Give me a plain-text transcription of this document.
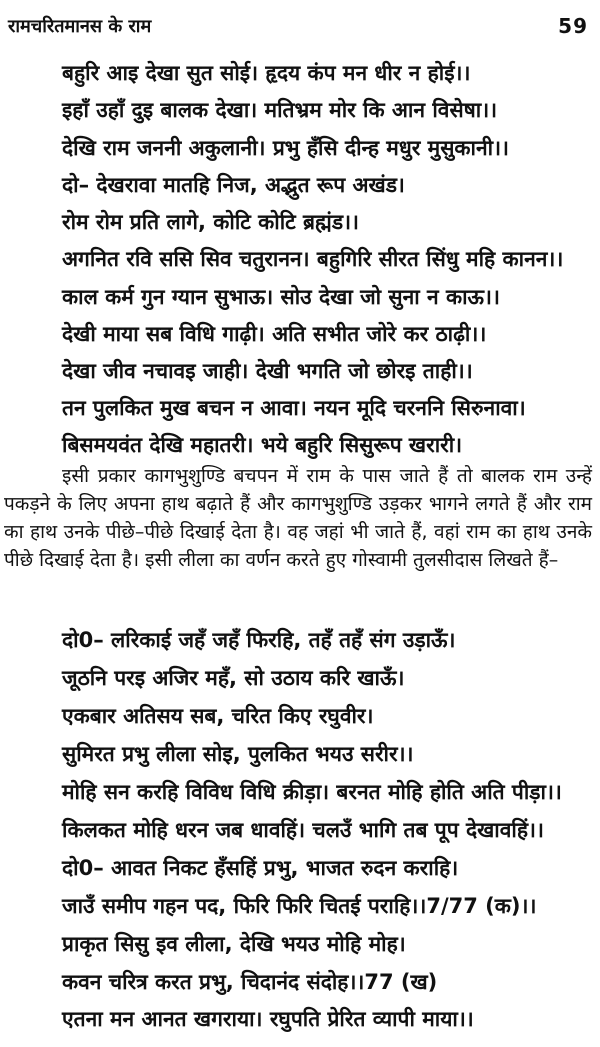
रामचरितमानस के राम	59
बहुरि आइ देखा सुत सोई। हृदय कंप मन धीर न होई।।
इहाँ उहाँ दुइ बालक देखा। मतिभ्रम मोर कि आन विसेषा।।
देखि राम जननी अकुलानी। प्रभु हँसि दीन्ह मधुर मुसुकानी।।
दो– देखरावा मातहि निज, अद्भुत रूप अखंड।
रोम रोम प्रति लागे, कोटि कोटि ब्रह्मंड।।
अगनित रवि ससि सिव चतुरानन। बहुगिरि सीरत सिंधु महि कानन।।
काल कर्म गुन ग्यान सुभाऊ। सोउ देखा जो सुना न काऊ।।
देखी माया सब विधि गाढ़ी। अति सभीत जोरे कर ठाढ़ी।।
देखा जीव नचावइ जाही। देखी भगति जो छोरइ ताही।।
तन पुलकित मुख बचन न आवा। नयन मूदि चरननि सिरुनावा।
बिसमयवंत देखि महातरी। भये बहुरि सिसुरूप खरारी।

इसी प्रकार कागभुशुण्डि बचपन में राम के पास जाते हैं तो बालक राम उन्हें पकड़ने के लिए अपना हाथ बढ़ाते हैं और कागभुशुण्डि उड़कर भागने लगते हैं और राम का हाथ उनके पीछे–पीछे दिखाई देता है। वह जहां भी जाते हैं, वहां राम का हाथ उनके पीछे दिखाई देता है। इसी लीला का वर्णन करते हुए गोस्वामी तुलसीदास लिखते हैं–

दो0– लरिकाई जहँ जहँ फिरहि, तहँ तहँ संग उड़ाऊँ।
जूठनि परइ अजिर महँ, सो उठाय करि खाऊँ।
एकबार अतिसय सब, चरित किए रघुवीर।
सुमिरत प्रभु लीला सोइ, पुलकित भयउ सरीर।।
मोहि सन करहि विविध विधि क्रीड़ा। बरनत मोहि होति अति पीड़ा।।
किलकत मोहि धरन जब धावहिं। चलउँ भागि तब पूप देखावहिं।।
दो0– आवत निकट हँसहिं प्रभु, भाजत रुदन कराहि।
जाउँ समीप गहन पद, फिरि फिरि चितई पराहि।।7/77 (क)।।
प्राकृत सिसु इव लीला, देखि भयउ मोहि मोह।
कवन चरित्र करत प्रभु, चिदानंद संदोह।।77 (ख)
एतना मन आनत खगराया। रघुपति प्रेरित व्यापी माया।।
